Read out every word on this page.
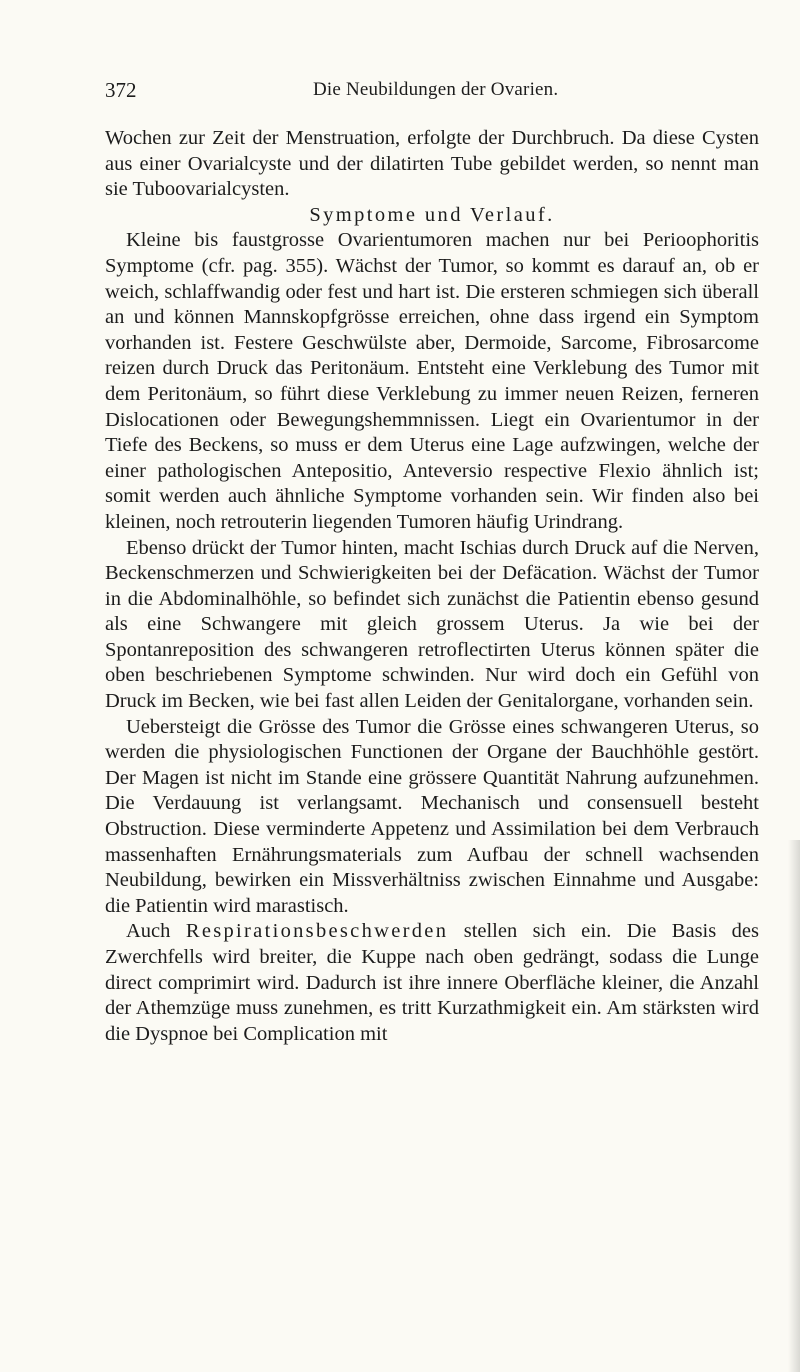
372	Die Neubildungen der Ovarien.

Wochen zur Zeit der Menstruation, erfolgte der Durchbruch. Da diese Cysten aus einer Ovarialcyste und der dilatirten Tube gebildet werden, so nennt man sie Tuboovarialcysten.

Symptome und Verlauf.

Kleine bis faustgrosse Ovarientumoren machen nur bei Perioophoritis Symptome (cfr. pag. 355). Wächst der Tumor, so kommt es darauf an, ob er weich, schlaffwandig oder fest und hart ist. Die ersteren schmiegen sich überall an und können Mannskopfgrösse erreichen, ohne dass irgend ein Symptom vorhanden ist. Festere Geschwülste aber, Dermoide, Sarcome, Fibrosarcome reizen durch Druck das Peritonäum. Entsteht eine Verklebung des Tumor mit dem Peritonäum, so führt diese Verklebung zu immer neuen Reizen, ferneren Dislocationen oder Bewegungshemmnissen. Liegt ein Ovarientumor in der Tiefe des Beckens, so muss er dem Uterus eine Lage aufzwingen, welche der einer pathologischen Antepositio, Anteversio respective Flexio ähnlich ist; somit werden auch ähnliche Symptome vorhanden sein. Wir finden also bei kleinen, noch retrouterin liegenden Tumoren häufig Urindrang.

Ebenso drückt der Tumor hinten, macht Ischias durch Druck auf die Nerven, Beckenschmerzen und Schwierigkeiten bei der Defäcation. Wächst der Tumor in die Abdominalhöhle, so befindet sich zunächst die Patientin ebenso gesund als eine Schwangere mit gleich grossem Uterus. Ja wie bei der Spontanreposition des schwangeren retroflectirten Uterus können später die oben beschriebenen Symptome schwinden. Nur wird doch ein Gefühl von Druck im Becken, wie bei fast allen Leiden der Genitalorgane, vorhanden sein.

Uebersteigt die Grösse des Tumor die Grösse eines schwangeren Uterus, so werden die physiologischen Functionen der Organe der Bauchhöhle gestört. Der Magen ist nicht im Stande eine grössere Quantität Nahrung aufzunehmen. Die Verdauung ist verlangsamt. Mechanisch und consensuell besteht Obstruction. Diese verminderte Appetenz und Assimilation bei dem Verbrauch massenhaften Ernährungsmaterials zum Aufbau der schnell wachsenden Neubildung, bewirken ein Missverhältniss zwischen Einnahme und Ausgabe: die Patientin wird marastisch.

Auch Respirationsbeschwerden stellen sich ein. Die Basis des Zwerchfells wird breiter, die Kuppe nach oben gedrängt, sodass die Lunge direct comprimirt wird. Dadurch ist ihre innere Oberfläche kleiner, die Anzahl der Athemzüge muss zunehmen, es tritt Kurzathmigkeit ein. Am stärksten wird die Dyspnoe bei Complication mit
